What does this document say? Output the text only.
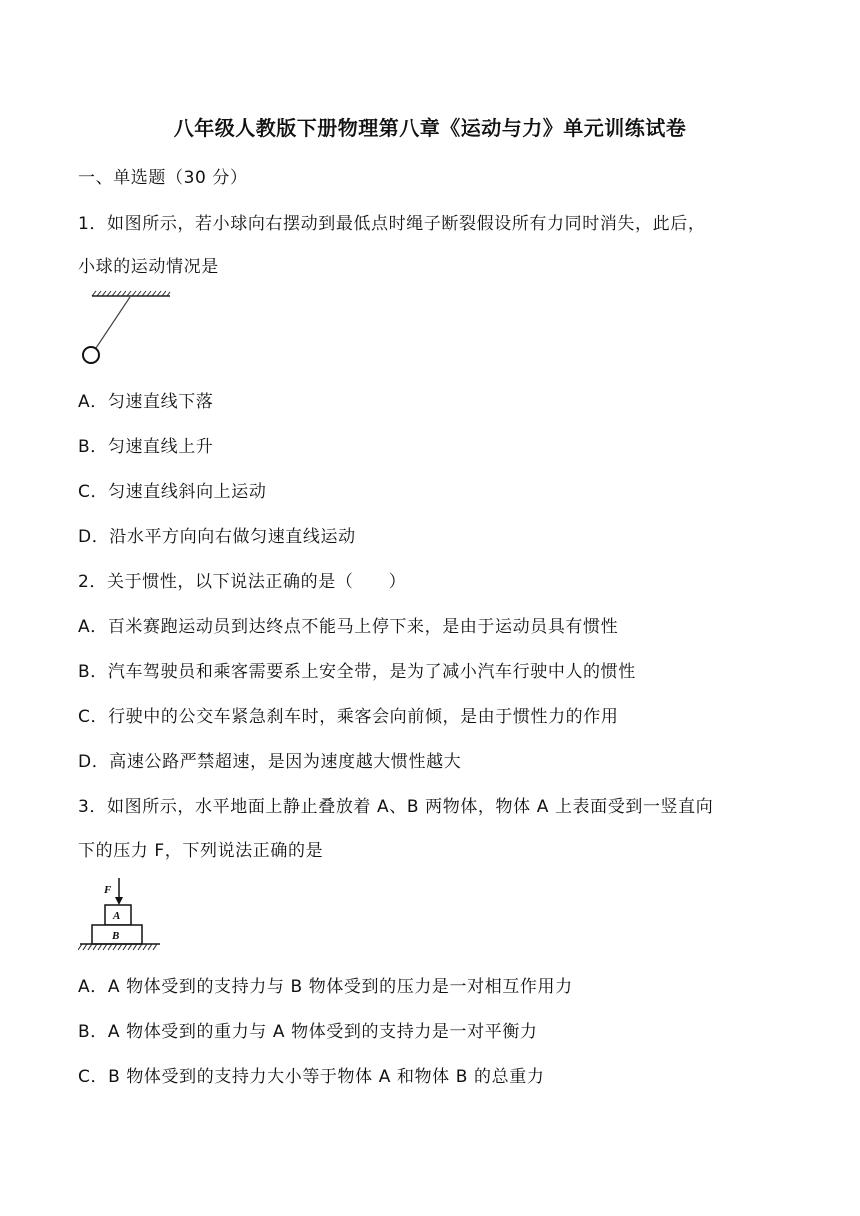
八年级人教版下册物理第八章《运动与力》单元训练试卷
一、单选题（30 分）
1．如图所示，若小球向右摆动到最低点时绳子断裂假设所有力同时消失，此后，
小球的运动情况是
A．匀速直线下落
B．匀速直线上升
C．匀速直线斜向上运动
D．沿水平方向向右做匀速直线运动
2．关于惯性，以下说法正确的是（　　）
A．百米赛跑运动员到达终点不能马上停下来，是由于运动员具有惯性
B．汽车驾驶员和乘客需要系上安全带，是为了减小汽车行驶中人的惯性
C．行驶中的公交车紧急刹车时，乘客会向前倾，是由于惯性力的作用
D．高速公路严禁超速，是因为速度越大惯性越大
3．如图所示，水平地面上静止叠放着 A、B 两物体，物体 A 上表面受到一竖直向
下的压力 F，下列说法正确的是
F
A
B
A．A 物体受到的支持力与 B 物体受到的压力是一对相互作用力
B．A 物体受到的重力与 A 物体受到的支持力是一对平衡力
C．B 物体受到的支持力大小等于物体 A 和物体 B 的总重力
